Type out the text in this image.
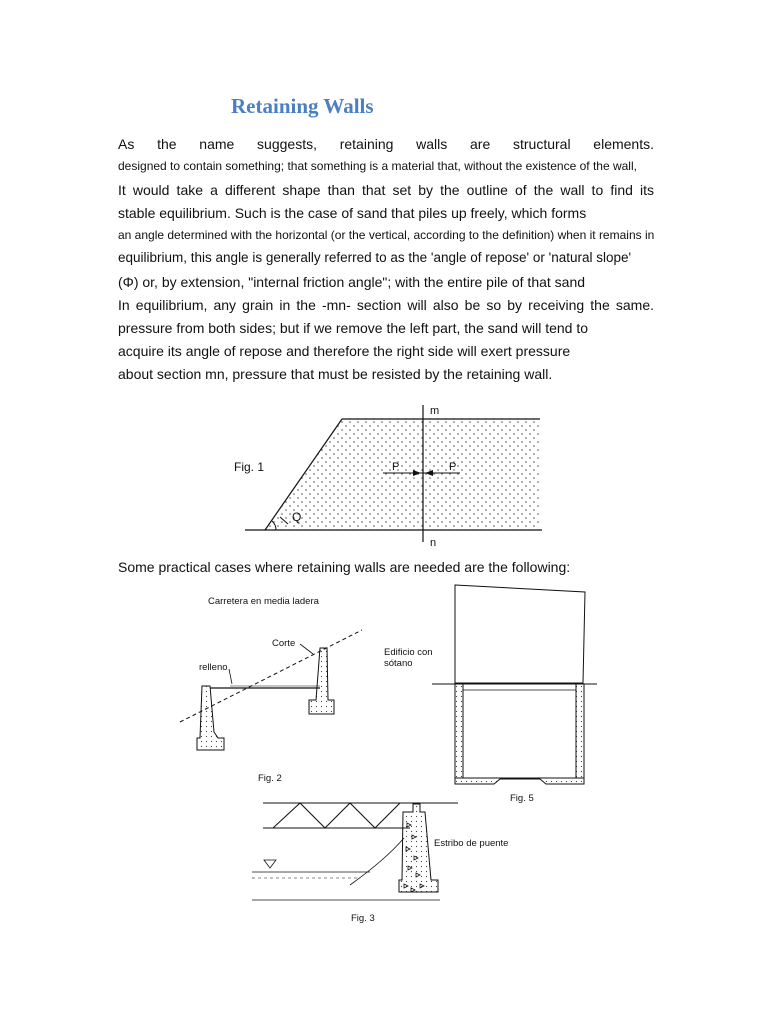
Retaining Walls
As the name suggests, retaining walls are structural elements.
designed to contain something; that something is a material that, without the existence of the wall,
It would take a different shape than that set by the outline of the wall to find its
stable equilibrium. Such is the case of sand that piles up freely, which forms
an angle determined with the horizontal (or the vertical, according to the definition) when it remains in
equilibrium, this angle is generally referred to as the 'angle of repose' or 'natural slope'
(Φ) or, by extension, "internal friction angle"; with the entire pile of that sand
In equilibrium, any grain in the -mn- section will also be so by receiving the same.
pressure from both sides; but if we remove the left part, the sand will tend to
acquire its angle of repose and therefore the right side will exert pressure
about section mn, pressure that must be resisted by the retaining wall.
Some practical cases where retaining walls are needed are the following:
Fig. 1
m
n
P	P
Q
Carretera en media ladera
Corte
relleno
Fig. 2
Edificio con
sótano
Fig. 5
Estribo de puente
Fig. 3
